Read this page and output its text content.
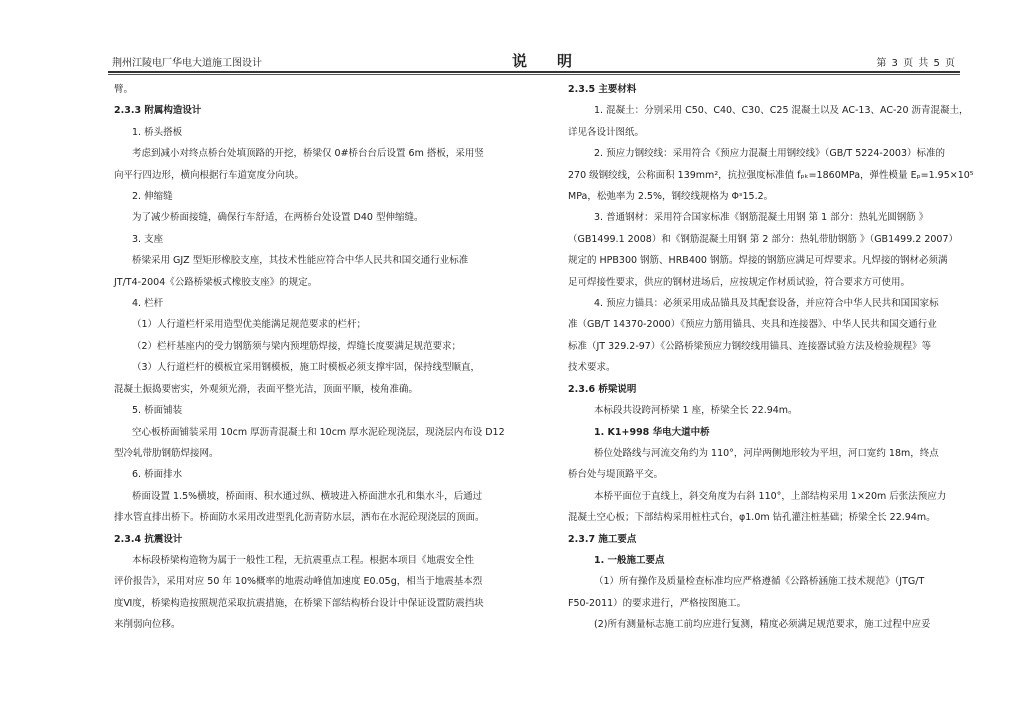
荆州江陵电厂华电大道施工图设计	说 明	第 3 页 共 5 页

臂。

2.3.3 附属构造设计

1. 桥头搭板

考虑到减小对终点桥台处填顶路的开挖，桥梁仅 0#桥台台后设置 6m 搭板，采用竖

向平行四边形，横向根据行车道宽度分向块。

2. 伸缩缝

为了减少桥面接缝，确保行车舒适，在两桥台处设置 D40 型伸缩缝。

3. 支座

桥梁采用 GJZ 型矩形橡胶支座，其技术性能应符合中华人民共和国交通行业标准

JT/T4-2004《公路桥梁板式橡胶支座》的规定。

4. 栏杆

（1）人行道栏杆采用造型优美能满足规范要求的栏杆；

（2）栏杆基座内的受力钢筋须与梁内预埋筋焊接，焊缝长度要满足规范要求；

（3）人行道栏杆的模板宜采用钢模板，施工时模板必须支撑牢固，保持线型顺直，

混凝土振捣要密实，外观须光滑，表面平整光洁，顶面平顺，棱角准确。

5. 桥面铺装

空心板桥面铺装采用 10cm 厚沥青混凝土和 10cm 厚水泥砼现浇层，现浇层内布设 D12

型冷轧带肋钢筋焊接网。

6. 桥面排水

桥面设置 1.5%横坡，桥面雨、积水通过纵、横坡进入桥面泄水孔和集水斗，后通过

排水管直排出桥下。桥面防水采用改进型乳化沥青防水层，洒布在水泥砼现浇层的顶面。

2.3.4 抗震设计

本标段桥梁构造物为属于一般性工程，无抗震重点工程。根据本项目《地震安全性

评价报告》，采用对应 50 年 10%概率的地震动峰值加速度 E0.05g，相当于地震基本烈

度Ⅵ度，桥梁构造按照规范采取抗震措施，在桥梁下部结构桥台设计中保证设置防震挡块

来削弱向位移。

2.3.5 主要材料

1. 混凝土：分别采用 C50、C40、C30、C25 混凝土以及 AC-13、AC-20 沥青混凝土，

详见各设计图纸。

2. 预应力钢绞线：采用符合《预应力混凝土用钢绞线》（GB/T 5224-2003）标准的

270 级钢绞线，公称面积 139mm²，抗拉强度标准值 fₚₖ=1860MPa，弹性模量 Eₚ=1.95×10⁵

MPa，松弛率为 2.5%，钢绞线规格为 Φˢ15.2。

3. 普通钢材：采用符合国家标准《钢筋混凝土用钢 第 1 部分：热轧光圆钢筋 》

（GB1499.1 2008）和《钢筋混凝土用钢 第 2 部分：热轧带肋钢筋 》（GB1499.2 2007）

规定的 HPB300 钢筋、HRB400 钢筋。焊接的钢筋应满足可焊要求。凡焊接的钢材必须满

足可焊接性要求，供应的钢材进场后，应按规定作材质试验，符合要求方可使用。

4. 预应力锚具：必须采用成品锚具及其配套设备，并应符合中华人民共和国国家标

准（GB/T 14370-2000）《预应力筋用锚具、夹具和连接器》、中华人民共和国交通行业

标准（JT 329.2-97）《公路桥梁预应力钢绞线用锚具、连接器试验方法及检验规程》等

技术要求。

2.3.6 桥梁说明

本标段共设跨河桥梁 1 座，桥梁全长 22.94m。

1. K1+998 华电大道中桥

桥位处路线与河流交角约为 110°，河岸两侧地形较为平坦，河口宽约 18m，终点

桥台处与堤顶路平交。

本桥平面位于直线上，斜交角度为右斜 110°，上部结构采用 1×20m 后张法预应力

混凝土空心板；下部结构采用桩柱式台，φ1.0m 钻孔灌注桩基础；桥梁全长 22.94m。

2.3.7 施工要点

1. 一般施工要点

（1）所有操作及质量检查标准均应严格遵循《公路桥涵施工技术规范》（JTG/T

F50-2011）的要求进行，严格按图施工。

(2)所有测量标志施工前均应进行复测，精度必须满足规范要求，施工过程中应妥
